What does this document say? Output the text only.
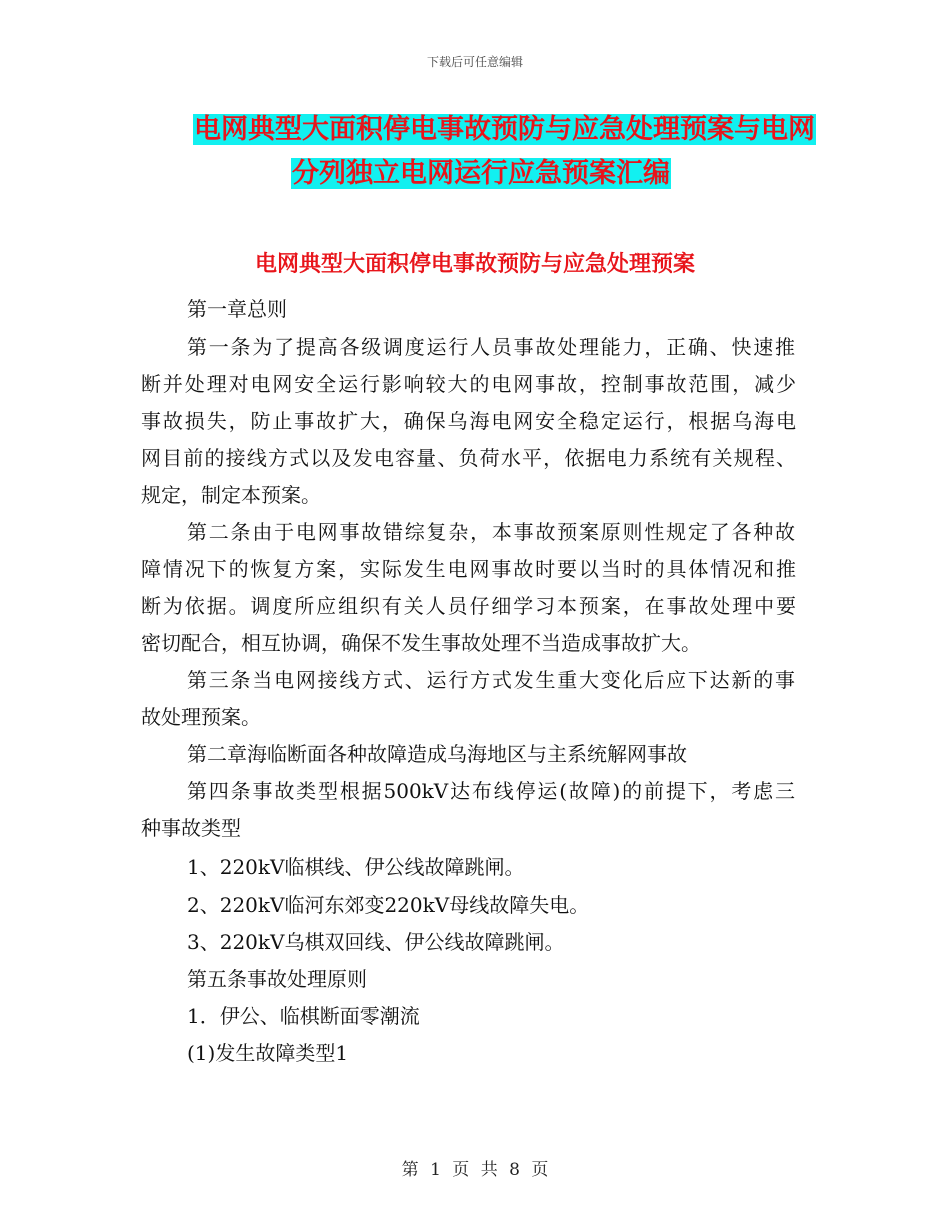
下载后可任意编辑
电网典型大面积停电事故预防与应急处理预案与电网
分列独立电网运行应急预案汇编
电网典型大面积停电事故预防与应急处理预案
第一章总则
第一条为了提高各级调度运行人员事故处理能力，正确、快速推
断并处理对电网安全运行影响较大的电网事故，控制事故范围，减少
事故损失，防止事故扩大，确保乌海电网安全稳定运行，根据乌海电
网目前的接线方式以及发电容量、负荷水平，依据电力系统有关规程、
规定，制定本预案。
第二条由于电网事故错综复杂，本事故预案原则性规定了各种故
障情况下的恢复方案，实际发生电网事故时要以当时的具体情况和推
断为依据。调度所应组织有关人员仔细学习本预案，在事故处理中要
密切配合，相互协调，确保不发生事故处理不当造成事故扩大。
第三条当电网接线方式、运行方式发生重大变化后应下达新的事
故处理预案。
第二章海临断面各种故障造成乌海地区与主系统解网事故
第四条事故类型根据500kV达布线停运(故障)的前提下，考虑三
种事故类型
1、220kV临棋线、伊公线故障跳闸。
2、220kV临河东郊变220kV母线故障失电。
3、220kV乌棋双回线、伊公线故障跳闸。
第五条事故处理原则
1．伊公、临棋断面零潮流
(1)发生故障类型1
第 1 页 共 8 页
